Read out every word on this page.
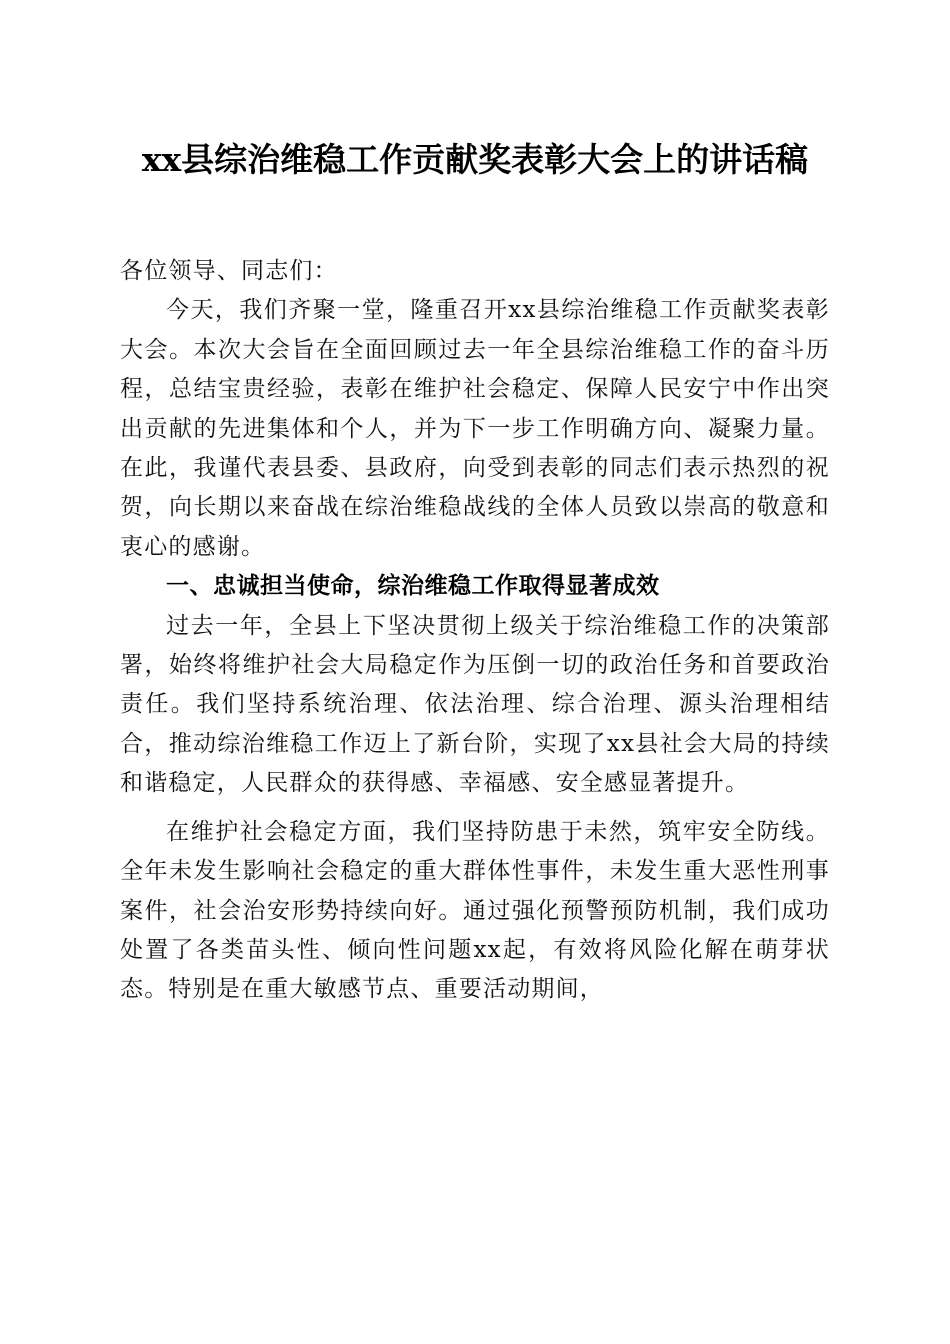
xx县综治维稳工作贡献奖表彰大会上的讲话稿

各位领导、同志们：

今天，我们齐聚一堂，隆重召开xx县综治维稳工作贡献奖表彰大会。本次大会旨在全面回顾过去一年全县综治维稳工作的奋斗历程，总结宝贵经验，表彰在维护社会稳定、保障人民安宁中作出突出贡献的先进集体和个人，并为下一步工作明确方向、凝聚力量。在此，我谨代表县委、县政府，向受到表彰的同志们表示热烈的祝贺，向长期以来奋战在综治维稳战线的全体人员致以崇高的敬意和衷心的感谢。

一、忠诚担当使命，综治维稳工作取得显著成效

过去一年，全县上下坚决贯彻上级关于综治维稳工作的决策部署，始终将维护社会大局稳定作为压倒一切的政治任务和首要政治责任。我们坚持系统治理、依法治理、综合治理、源头治理相结合，推动综治维稳工作迈上了新台阶，实现了xx县社会大局的持续和谐稳定，人民群众的获得感、幸福感、安全感显著提升。

在维护社会稳定方面，我们坚持防患于未然，筑牢安全防线。全年未发生影响社会稳定的重大群体性事件，未发生重大恶性刑事案件，社会治安形势持续向好。通过强化预警预防机制，我们成功处置了各类苗头性、倾向性问题xx起，有效将风险化解在萌芽状态。特别是在重大敏感节点、重要活动期间，
